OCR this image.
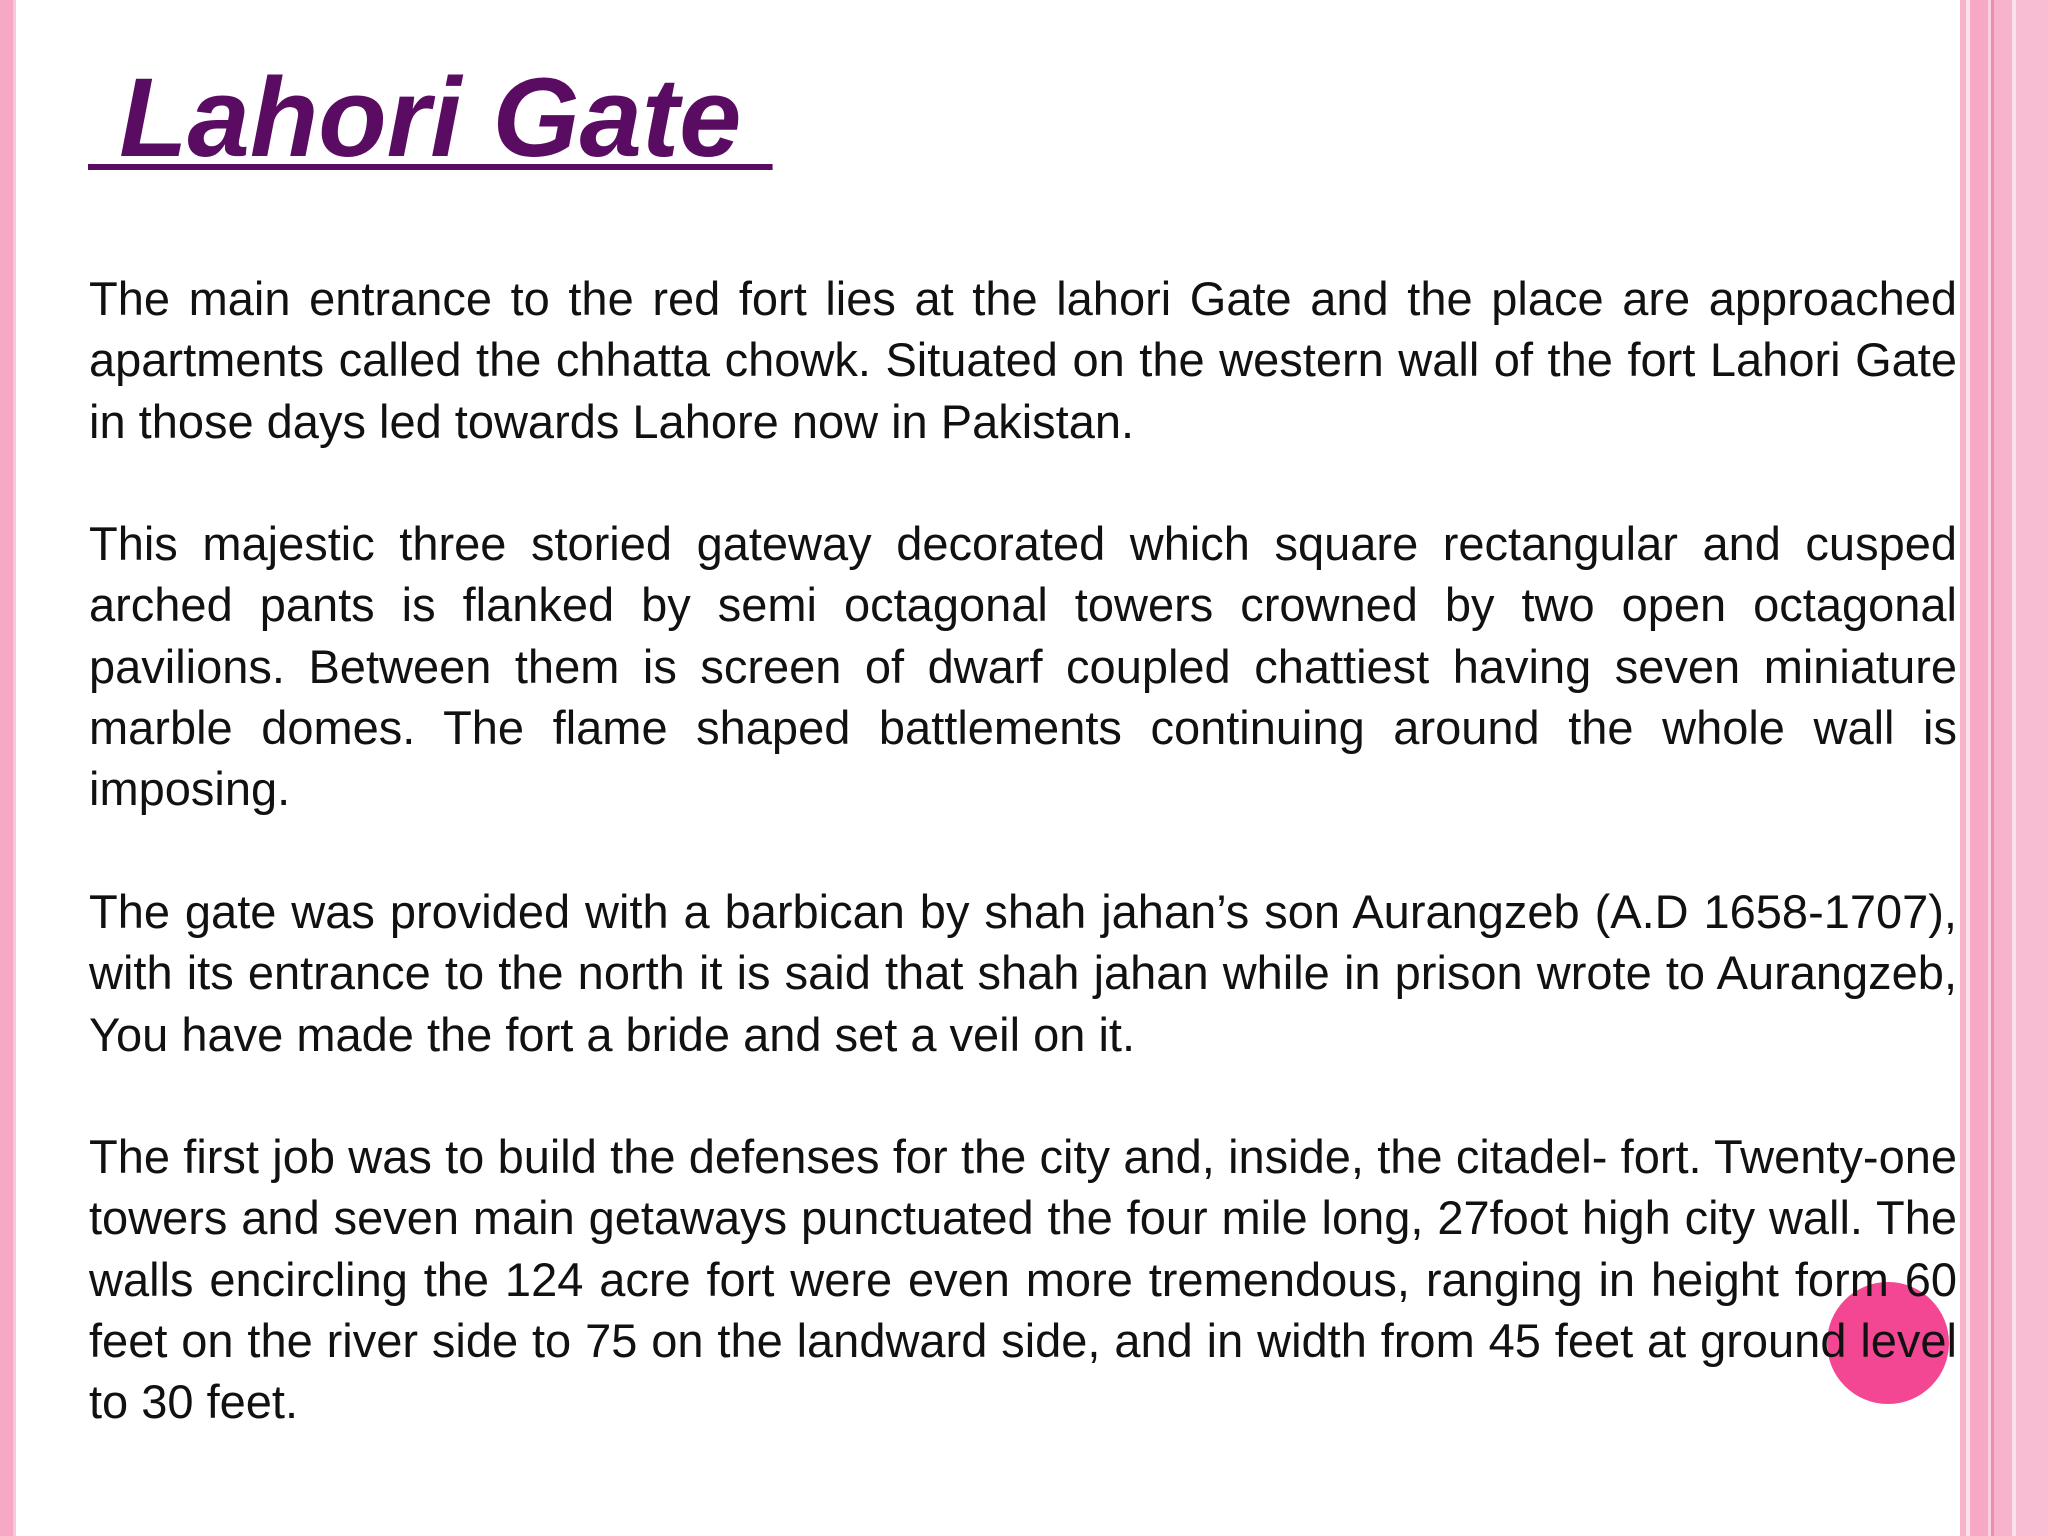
Lahori Gate

The main entrance to the red fort lies at the lahori Gate and the place are approached apartments called the chhatta chowk. Situated on the western wall of the fort Lahori Gate in those days led towards Lahore now in Pakistan.

This majestic three storied gateway decorated which square rectangular and cusped arched pants is flanked by semi octagonal towers crowned by two open octagonal pavilions. Between them is screen of dwarf coupled chattiest having seven miniature marble domes. The flame shaped battlements continuing around the whole wall is imposing.

The gate was provided with a barbican by shah jahan’s son Aurangzeb (A.D 1658-1707), with its entrance to the north it is said that shah jahan while in prison wrote to Aurangzeb, You have made the fort a bride and set a veil on it.

The first job was to build the defenses for the city and, inside, the citadel- fort. Twenty-one towers and seven main getaways punctuated the four mile long, 27foot high city wall. The walls encircling the 124 acre fort were even more tremendous, ranging in height form 60 feet on the river side to 75 on the landward side, and in width from 45 feet at ground level to 30 feet.
